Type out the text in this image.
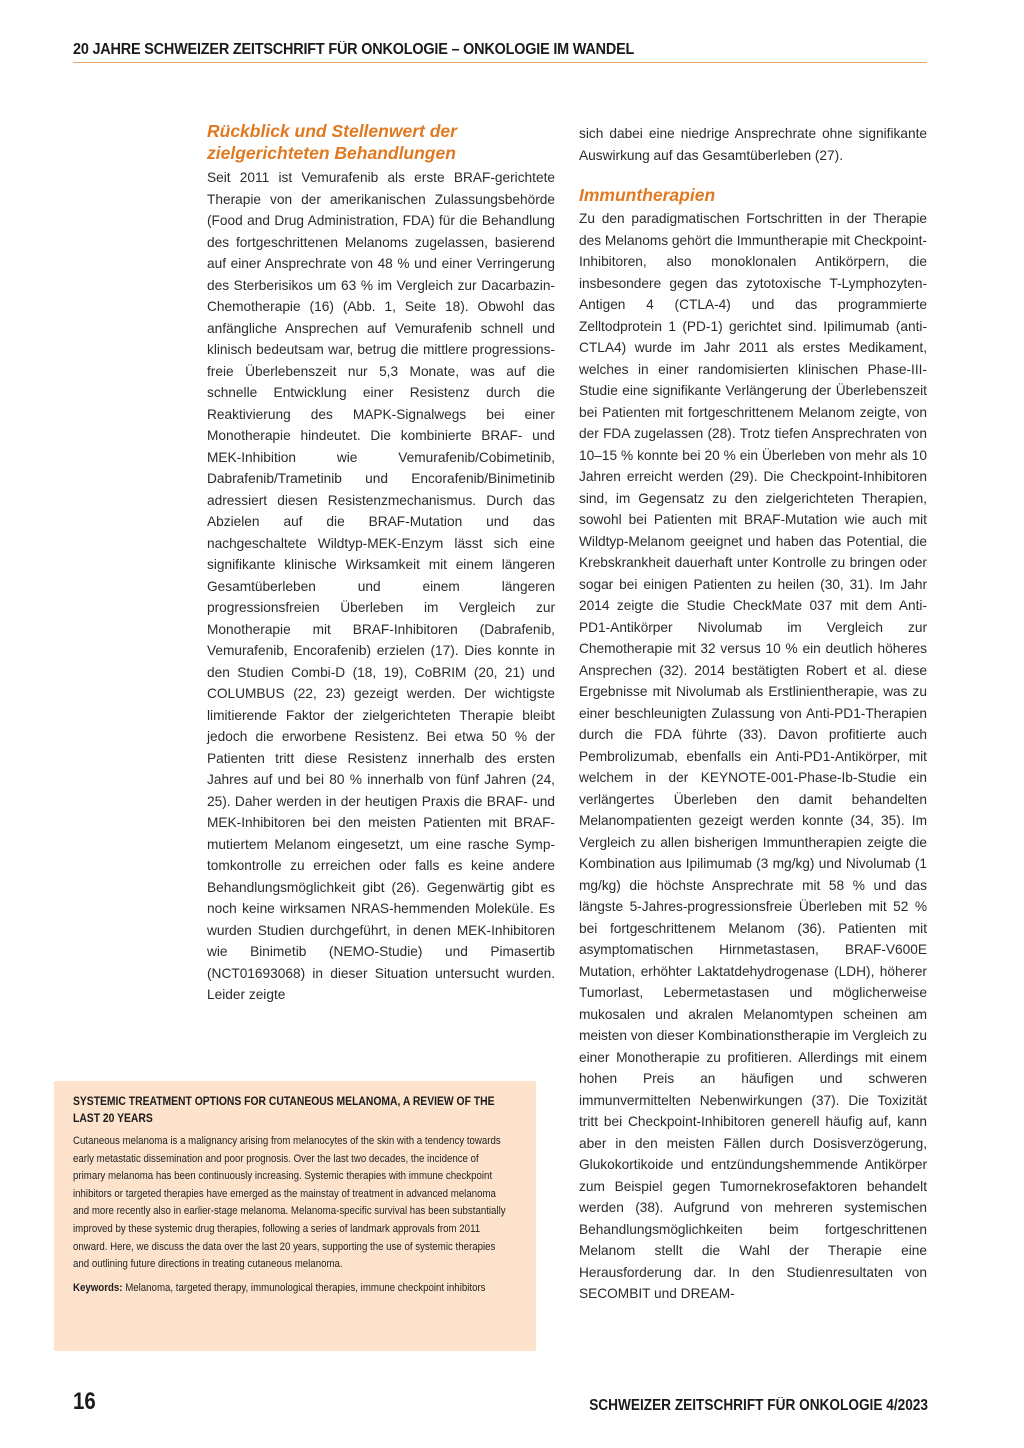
20 JAHRE SCHWEIZER ZEITSCHRIFT FÜR ONKOLOGIE – ONKOLOGIE IM WANDEL
Rückblick und Stellenwert der zielgerichteten Behandlungen

Seit 2011 ist Vemurafenib als erste BRAF-gerichtete Therapie von der amerikanischen Zulassungsbehörde (Food and Drug Administration, FDA) für die Behandlung des fortgeschrittenen Melanoms zugelassen, basierend auf einer Ansprechrate von 48 % und einer Verringerung des Sterberisikos um 63 % im Vergleich zur Dacarbazin-Chemotherapie (16) (Abb. 1, Seite 18). Obwohl das anfängliche Ansprechen auf Vemurafenib schnell und klinisch bedeutsam war, betrug die mittlere progressionsfreie Überlebenszeit nur 5,3 Monate, was auf die schnelle Entwicklung einer Resistenz durch die Reaktivierung des MAPK-Signalwegs bei einer Monotherapie hindeutet. Die kombinierte BRAF- und MEK-Inhibition wie Vemurafenib/Cobimetinib, Dabrafenib/Trametinib und Encorafenib/Binimetinib adressiert diesen Resistenzmechanismus. Durch das Abzielen auf die BRAF-Mutation und das nachgeschaltete Wildtyp-MEK-Enzym lässt sich eine signifikante klinische Wirksamkeit mit einem längeren Gesamtüberleben und einem längeren progressionsfreien Überleben im Vergleich zur Monotherapie mit BRAF-Inhibitoren (Dabrafenib, Vemurafenib, Encorafenib) erzielen (17). Dies konnte in den Studien Combi-D (18, 19), CoBRIM (20, 21) und COLUMBUS (22, 23) gezeigt werden. Der wichtigste limitierende Faktor der zielgerichteten Therapie bleibt jedoch die erworbene Resistenz. Bei etwa 50 % der Patienten tritt diese Resistenz innerhalb des ersten Jahres auf und bei 80 % innerhalb von fünf Jahren (24, 25). Daher werden in der heutigen Praxis die BRAF- und MEK-Inhibitoren bei den meisten Patienten mit BRAF-mutiertem Melanom eingesetzt, um eine rasche Symptomkontrolle zu erreichen oder falls es keine andere Behandlungsmöglichkeit gibt (26). Gegenwärtig gibt es noch keine wirksamen NRAS-hemmenden Moleküle. Es wurden Studien durchgeführt, in denen MEK-Inhibitoren wie Binimetib (NEMO-Studie) und Pimasertib (NCT01693068) in dieser Situation untersucht wurden. Leider zeigte

sich dabei eine niedrige Ansprechrate ohne signifikante Auswirkung auf das Gesamtüberleben (27).

Immuntherapien

Zu den paradigmatischen Fortschritten in der Therapie des Melanoms gehört die Immuntherapie mit Checkpoint-Inhibitoren, also monoklonalen Antikörpern, die insbesondere gegen das zytotoxische T-Lymphozyten-Antigen 4 (CTLA-4) und das programmierte Zelltodprotein 1 (PD-1) gerichtet sind. Ipilimumab (anti-CTLA4) wurde im Jahr 2011 als erstes Medikament, welches in einer randomisierten klinischen Phase-III-Studie eine signifikante Verlängerung der Überlebenszeit bei Patienten mit fortgeschrittenem Melanom zeigte, von der FDA zugelassen (28). Trotz tiefen Ansprechraten von 10–15 % konnte bei 20 % ein Überleben von mehr als 10 Jahren erreicht werden (29). Die Checkpoint-Inhibitoren sind, im Gegensatz zu den zielgerichteten Therapien, sowohl bei Patienten mit BRAF-Mutation wie auch mit Wildtyp-Melanom geeignet und haben das Potential, die Krebskrankheit dauerhaft unter Kontrolle zu bringen oder sogar bei einigen Patienten zu heilen (30, 31). Im Jahr 2014 zeigte die Studie CheckMate 037 mit dem Anti-PD1-Antikörper Nivolumab im Vergleich zur Chemotherapie mit 32 versus 10 % ein deutlich höheres Ansprechen (32). 2014 bestätigten Robert et al. diese Ergebnisse mit Nivolumab als Erstlinientherapie, was zu einer beschleunigten Zulassung von Anti-PD1-Therapien durch die FDA führte (33). Davon profitierte auch Pembrolizumab, ebenfalls ein Anti-PD1-Antikörper, mit welchem in der KEYNOTE-001-Phase-Ib-Studie ein verlängertes Überleben den damit behandelten Melanompatienten gezeigt werden konnte (34, 35). Im Vergleich zu allen bisherigen Immuntherapien zeigte die Kombination aus Ipilimumab (3 mg/kg) und Nivolumab (1 mg/kg) die höchste Ansprechrate mit 58 % und das längste 5-Jahres-progressionsfreie Überleben mit 52 % bei fortgeschrittenem Melanom (36). Patienten mit asymptomatischen Hirnmetastasen, BRAF-V600E Mutation, erhöhter Laktatdehydrogenase (LDH), höherer Tumorlast, Lebermetastasen und möglicherweise mukosalen und akralen Melanomtypen scheinen am meisten von dieser Kombinationstherapie im Vergleich zu einer Monotherapie zu profitieren. Allerdings mit einem hohen Preis an häufigen und schweren immunvermittelten Nebenwirkungen (37). Die Toxizität tritt bei Checkpoint-Inhibitoren generell häufig auf, kann aber in den meisten Fällen durch Dosisverzögerung, Glukokortikoide und entzündungshemmende Antikörper zum Beispiel gegen Tumornekrosefaktoren behandelt werden (38). Aufgrund von mehreren systemischen Behandlungsmöglichkeiten beim fortgeschrittenen Melanom stellt die Wahl der Therapie eine Herausforderung dar. In den Studienresultaten von SECOMBIT und DREAM-

SYSTEMIC TREATMENT OPTIONS FOR CUTANEOUS MELANOMA, A REVIEW OF THE LAST 20 YEARS
Cutaneous melanoma is a malignancy arising from melanocytes of the skin with a tendency towards early metastatic dissemination and poor prognosis. Over the last two decades, the incidence of primary melanoma has been continuously increasing. Systemic therapies with immune checkpoint inhibitors or targeted therapies have emerged as the mainstay of treatment in advanced melanoma and more recently also in earlier-stage melanoma. Melanoma-specific survival has been substantially improved by these systemic drug therapies, following a series of landmark approvals from 2011 onward. Here, we discuss the data over the last 20 years, supporting the use of systemic therapies and outlining future directions in treating cutaneous melanoma.
Keywords: Melanoma, targeted therapy, immunological therapies, immune checkpoint inhibitors
16	SCHWEIZER ZEITSCHRIFT FÜR ONKOLOGIE 4/2023
